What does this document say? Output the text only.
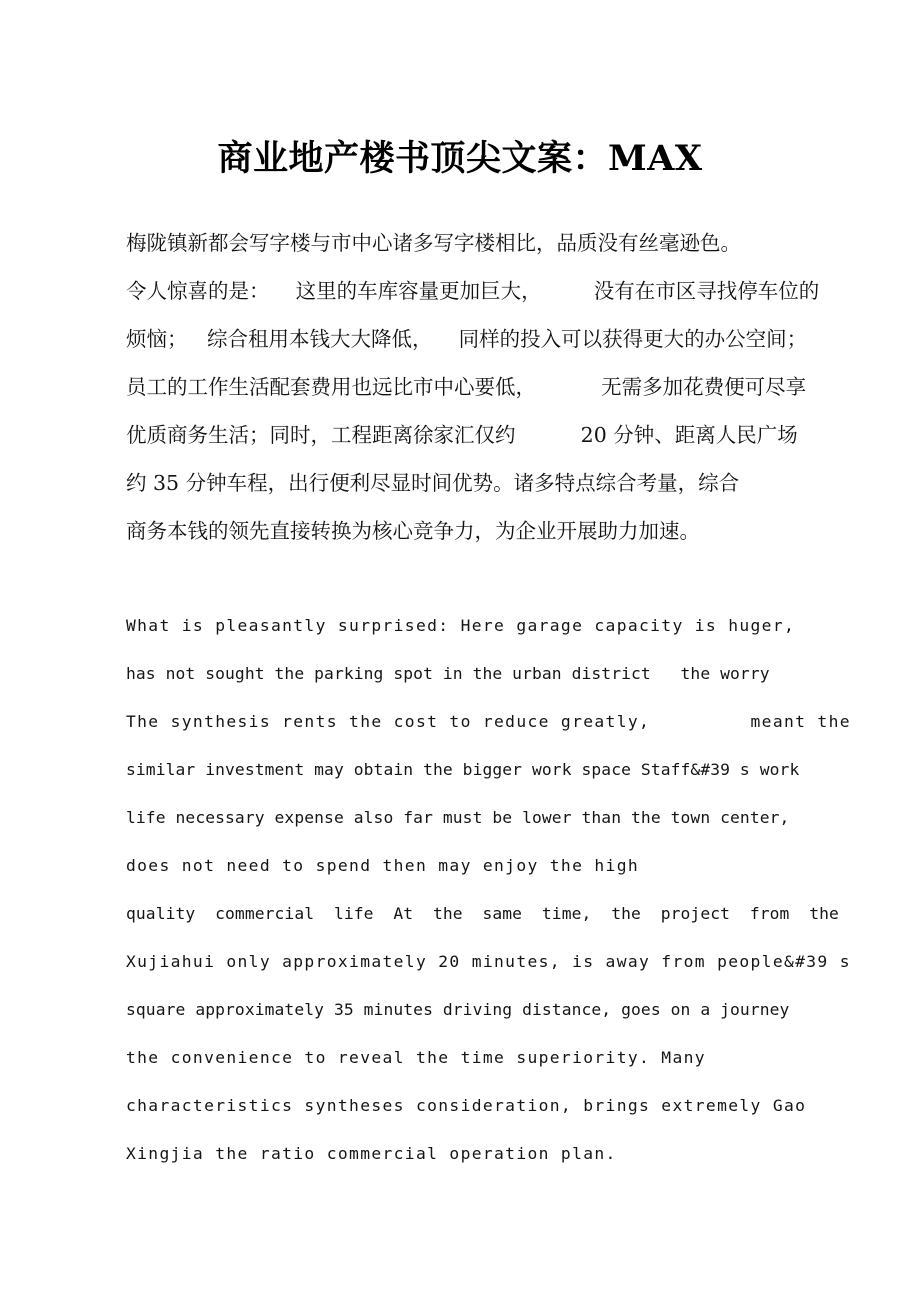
商业地产楼书顶尖文案：MAX
梅陇镇新都会写字楼与市中心诸多写字楼相比，品质没有丝毫逊色。
令人惊喜的是：    这里的车库容量更加巨大，        没有在市区寻找停车位的
烦恼；   综合租用本钱大大降低，    同样的投入可以获得更大的办公空间；
员工的工作生活配套费用也远比市中心要低，          无需多加花费便可尽享
优质商务生活；同时，工程距离徐家汇仅约          20 分钟、距离人民广场
约 35 分钟车程，出行便利尽显时间优势。诸多特点综合考量，综合
商务本钱的领先直接转换为核心竞争力，为企业开展助力加速。
What is pleasantly surprised: Here garage capacity is huger,
has not sought the parking spot in the urban district   the worry
The synthesis rents the cost to reduce greatly,         meant the
similar investment may obtain the bigger work space Staff&#39 s work
life necessary expense also far must be lower than the town center,
does not need to spend then may enjoy the high
quality  commercial  life  At  the  same  time,  the  project  from  the
Xujiahui only approximately 20 minutes, is away from people&#39 s
square approximately 35 minutes driving distance, goes on a journey
the convenience to reveal the time superiority. Many
characteristics syntheses consideration, brings extremely Gao
Xingjia the ratio commercial operation plan.
